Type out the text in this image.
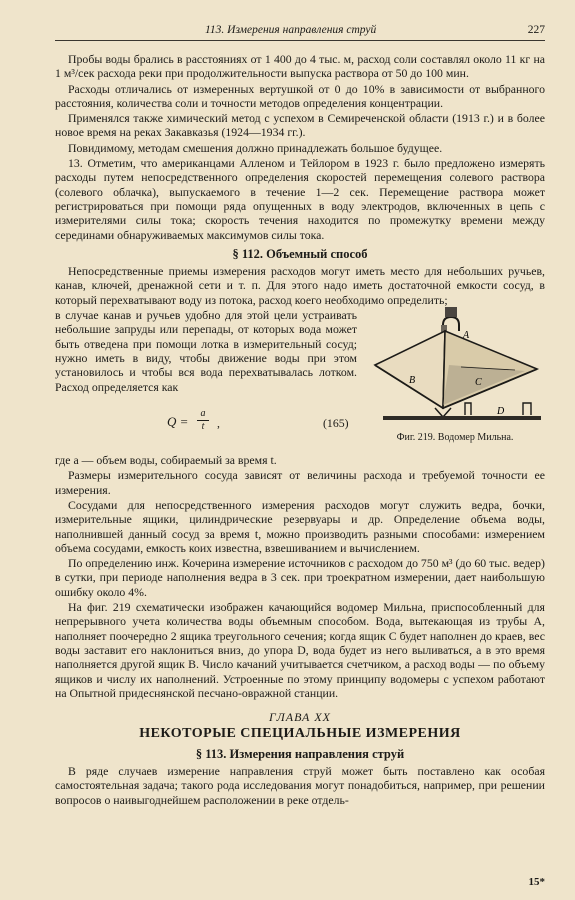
113. Измерения направления струй	227

Пробы воды брались в расстояниях от 1 400 до 4 тыс. м, расход соли составлял около 11 кг на 1 м³/сек расхода реки при продолжительности выпуска раствора от 50 до 100 мин.

Расходы отличались от измеренных вертушкой от 0 до 10% в зависимости от выбранного расстояния, количества соли и точности методов определения концентрации.

Применялся также химический метод с успехом в Семиреченской области (1913 г.) и в более новое время на реках Закавказья (1924—1934 гг.).

Повидимому, методам смешения должно принадлежать большое будущее.

13. Отметим, что американцами Алленом и Тейлором в 1923 г. было предложено измерять расходы путем непосредственного определения скоростей перемещения солевого раствора (солевого облачка), выпускаемого в течение 1—2 сек. Перемещение раствора может регистрироваться при помощи ряда опущенных в воду электродов, включенных в цепь с измерителями силы тока; скорость течения находится по промежутку времени между серединами обнаруживаемых максимумов силы тока.

§ 112. Объемный способ

Непосредственные приемы измерения расходов могут иметь место для небольших ручьев, канав, ключей, дренажной сети и т. п. Для этого надо иметь достаточной емкости сосуд, в который перехватывают воду из потока, расход коего необходимо определить;

в случае канав и ручьев удобно для этой цели устраивать небольшие запруды или перепады, от которых вода может быть отведена при помощи лотка в измерительный сосуд; нужно иметь в виду, чтобы движение воды при этом установилось и чтобы вся вода перехватывалась лотком. Расход определяется как

Q =
a
t	,	(165)
A
B	C
D
Фиг. 219. Водомер Мильна.

где a — объем воды, собираемый за время t.

Размеры измерительного сосуда зависят от величины расхода и требуемой точности ее измерения.

Сосудами для непосредственного измерения расходов могут служить ведра, бочки, измерительные ящики, цилиндрические резервуары и др. Определение объема воды, наполнившей данный сосуд за время t, можно производить разными способами: измерением объема сосудами, емкость коих известна, взвешиванием и вычислением.

По определению инж. Кочерина измерение источников с расходом до 750 м³ (до 60 тыс. ведер) в сутки, при периоде наполнения ведра в 3 сек. при троекратном измерении, дает наибольшую ошибку около 4%.

На фиг. 219 схематически изображен качающийся водомер Мильна, приспособленный для непрерывного учета количества воды объемным способом. Вода, вытекающая из трубы A, наполняет поочередно 2 ящика треугольного сечения; когда ящик C будет наполнен до краев, вес воды заставит его наклониться вниз, до упора D, вода будет из него выливаться, а в это время наполняется другой ящик B. Число качаний учитывается счетчиком, а расход воды — по объему ящиков и числу их наполнений. Устроенные по этому принципу водомеры с успехом работают на Опытной придеснянской песчано-овражной станции.

ГЛАВА XX
НЕКОТОРЫЕ СПЕЦИАЛЬНЫЕ ИЗМЕРЕНИЯ
§ 113. Измерения направления струй

В ряде случаев измерение направления струй может быть поставлено как особая самостоятельная задача; такого рода исследования могут понадобиться, например, при решении вопросов о наивыгоднейшем расположении в реке отдель-

15*
